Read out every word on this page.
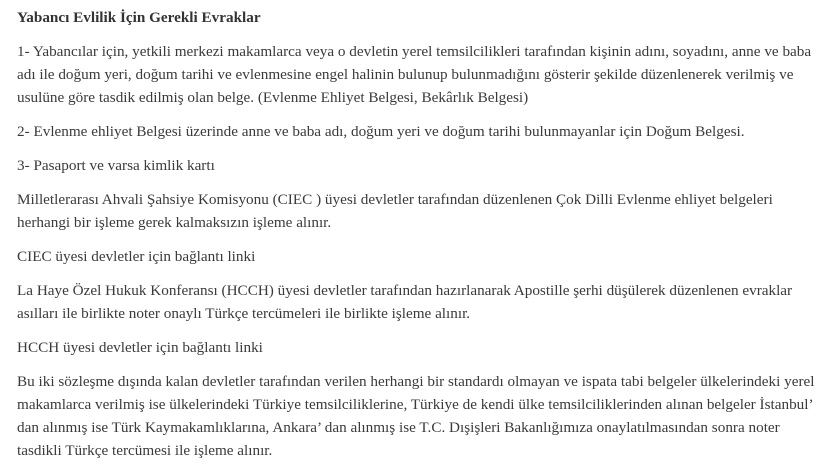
Yabancı Evlilik İçin Gerekli Evraklar

1- Yabancılar için, yetkili merkezi makamlarca veya o devletin yerel temsilcilikleri tarafından kişinin adını, soyadını, anne ve baba adı ile doğum yeri, doğum tarihi ve evlenmesine engel halinin bulunup bulunmadığını gösterir şekilde düzenlenerek verilmiş ve usulüne göre tasdik edilmiş olan belge. (Evlenme Ehliyet Belgesi, Bekârlık Belgesi)

2- Evlenme ehliyet Belgesi üzerinde anne ve baba adı, doğum yeri ve doğum tarihi bulunmayanlar için Doğum Belgesi.

3- Pasaport ve varsa kimlik kartı

Milletlerarası Ahvali Şahsiye Komisyonu (CIEC ) üyesi devletler tarafından düzenlenen Çok Dilli Evlenme ehliyet belgeleri herhangi bir işleme gerek kalmaksızın işleme alınır.

CIEC üyesi devletler için bağlantı linki

La Haye Özel Hukuk Konferansı (HCCH) üyesi devletler tarafından hazırlanarak Apostille şerhi düşülerek düzenlenen evraklar asılları ile birlikte noter onaylı Türkçe tercümeleri ile birlikte işleme alınır.

HCCH üyesi devletler için bağlantı linki

Bu iki sözleşme dışında kalan devletler tarafından verilen herhangi bir standardı olmayan ve ispata tabi belgeler ülkelerindeki yerel makamlarca verilmiş ise ülkelerindeki Türkiye temsilciliklerine, Türkiye de kendi ülke temsilciliklerinden alınan belgeler İstanbul’ dan alınmış ise Türk Kaymakamlıklarına, Ankara’ dan alınmış ise T.C. Dışişleri Bakanlığımıza onaylatılmasından sonra noter tasdikli Türkçe tercümesi ile işleme alınır.
